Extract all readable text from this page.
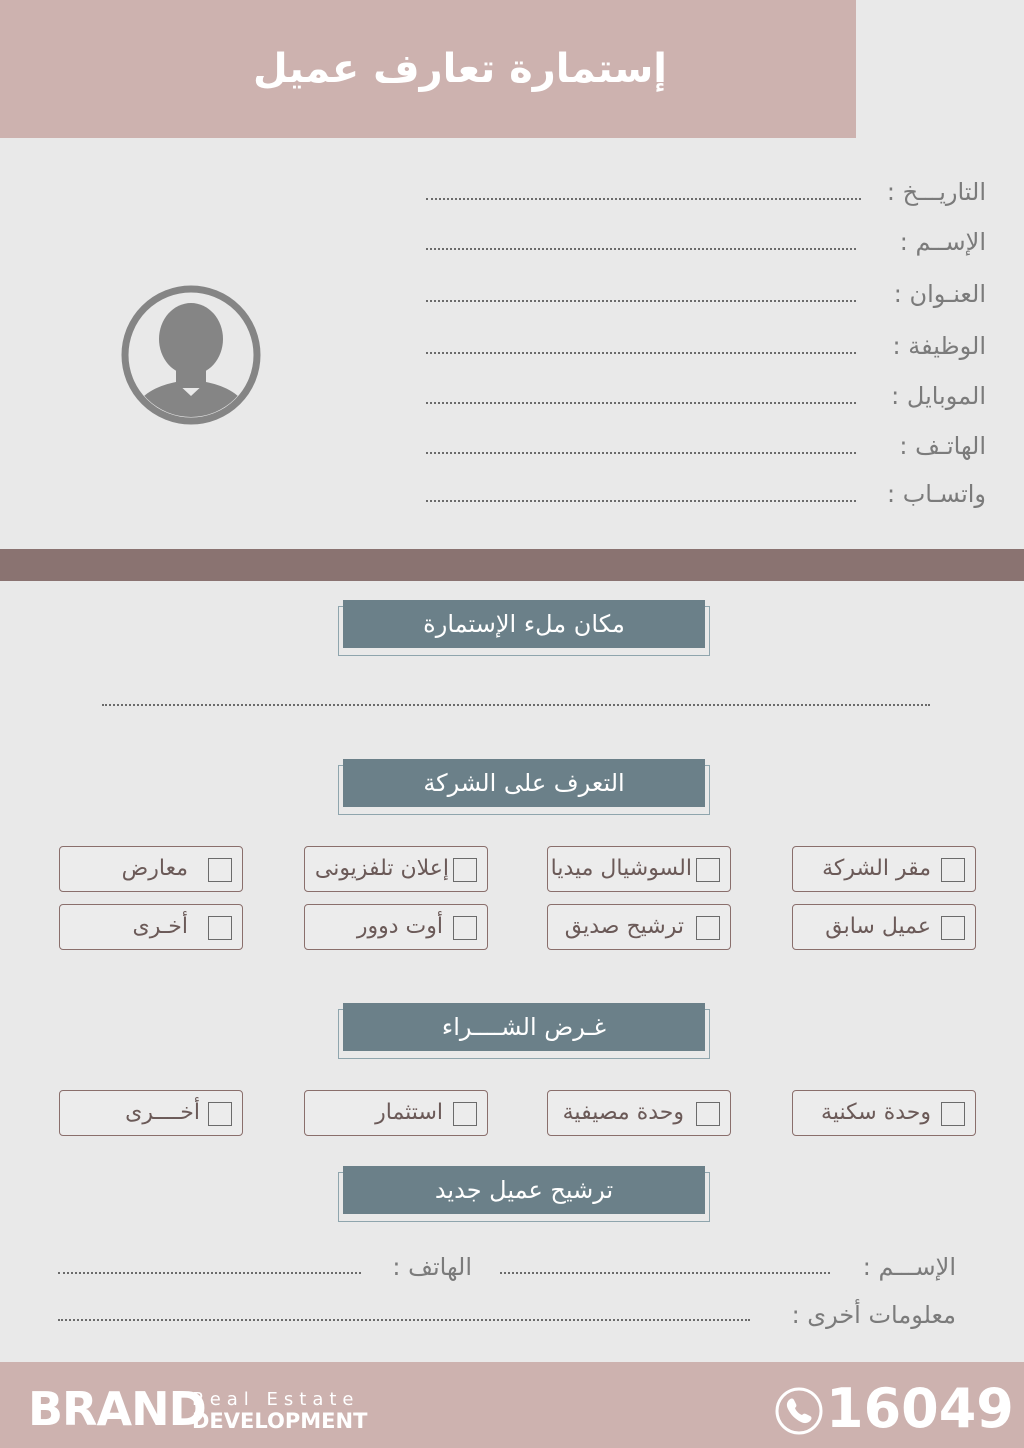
إستمارة تعارف عميل
التاريـــخ :
الإســم :
العنـوان :
الوظيفة :
الموبايل :
الهاتـف :
واتسـاب :
مكان ملء الإستمارة
التعرف على الشركة
مقر الشركة
السوشيال ميديا
إعلان تلفزيونى
معارض
عميل سابق
ترشيح صديق
أوت دوور
أخـرى
غـرض الشــــراء
وحدة سكنية
وحدة مصيفية
استثمار
أخــــرى
ترشيح عميل جديد
الإســـم :
الهاتف :
معلومات أخرى :
BRAND
Real Estate
DEVELOPMENT	16049
